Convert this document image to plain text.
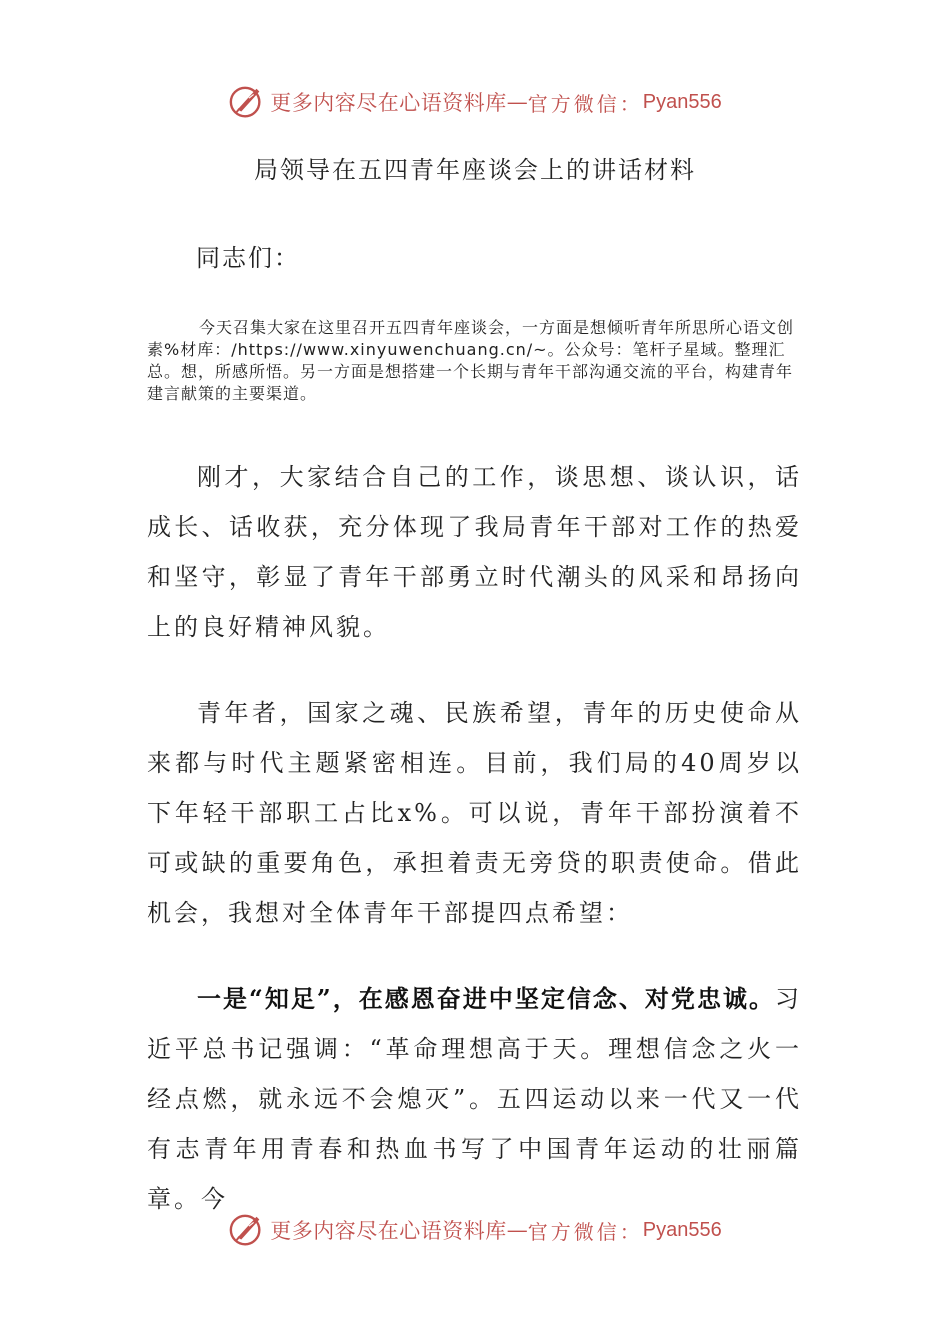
更多内容尽在心语资料库 — 官方微信： Pyan556
局领导在五四青年座谈会上的讲话材料
同志们：
今天召集大家在这里召开五四青年座谈会，一方面是想倾听青年所思所心语文创素%材库：/https://www.xinyuwenchuang.cn/~。公众号：笔杆子星域。整理汇总。想，所感所悟。另一方面是想搭建一个长期与青年干部沟通交流的平台，构建青年建言献策的主要渠道。
刚才，大家结合自己的工作，谈思想、谈认识，话成长、话收获，充分体现了我局青年干部对工作的热爱和坚守，彰显了青年干部勇立时代潮头的风采和昂扬向上的良好精神风貌。
青年者，国家之魂、民族希望，青年的历史使命从来都与时代主题紧密相连。目前，我们局的40周岁以下年轻干部职工占比x%。可以说，青年干部扮演着不可或缺的重要角色，承担着责无旁贷的职责使命。借此机会，我想对全体青年干部提四点希望：
一是“知足”，在感恩奋进中坚定信念、对党忠诚。习近平总书记强调：“革命理想高于天。理想信念之火一经点燃，就永远不会熄灭”。五四运动以来一代又一代有志青年用青春和热血书写了中国青年运动的壮丽篇章。今
更多内容尽在心语资料库 — 官方微信： Pyan556
